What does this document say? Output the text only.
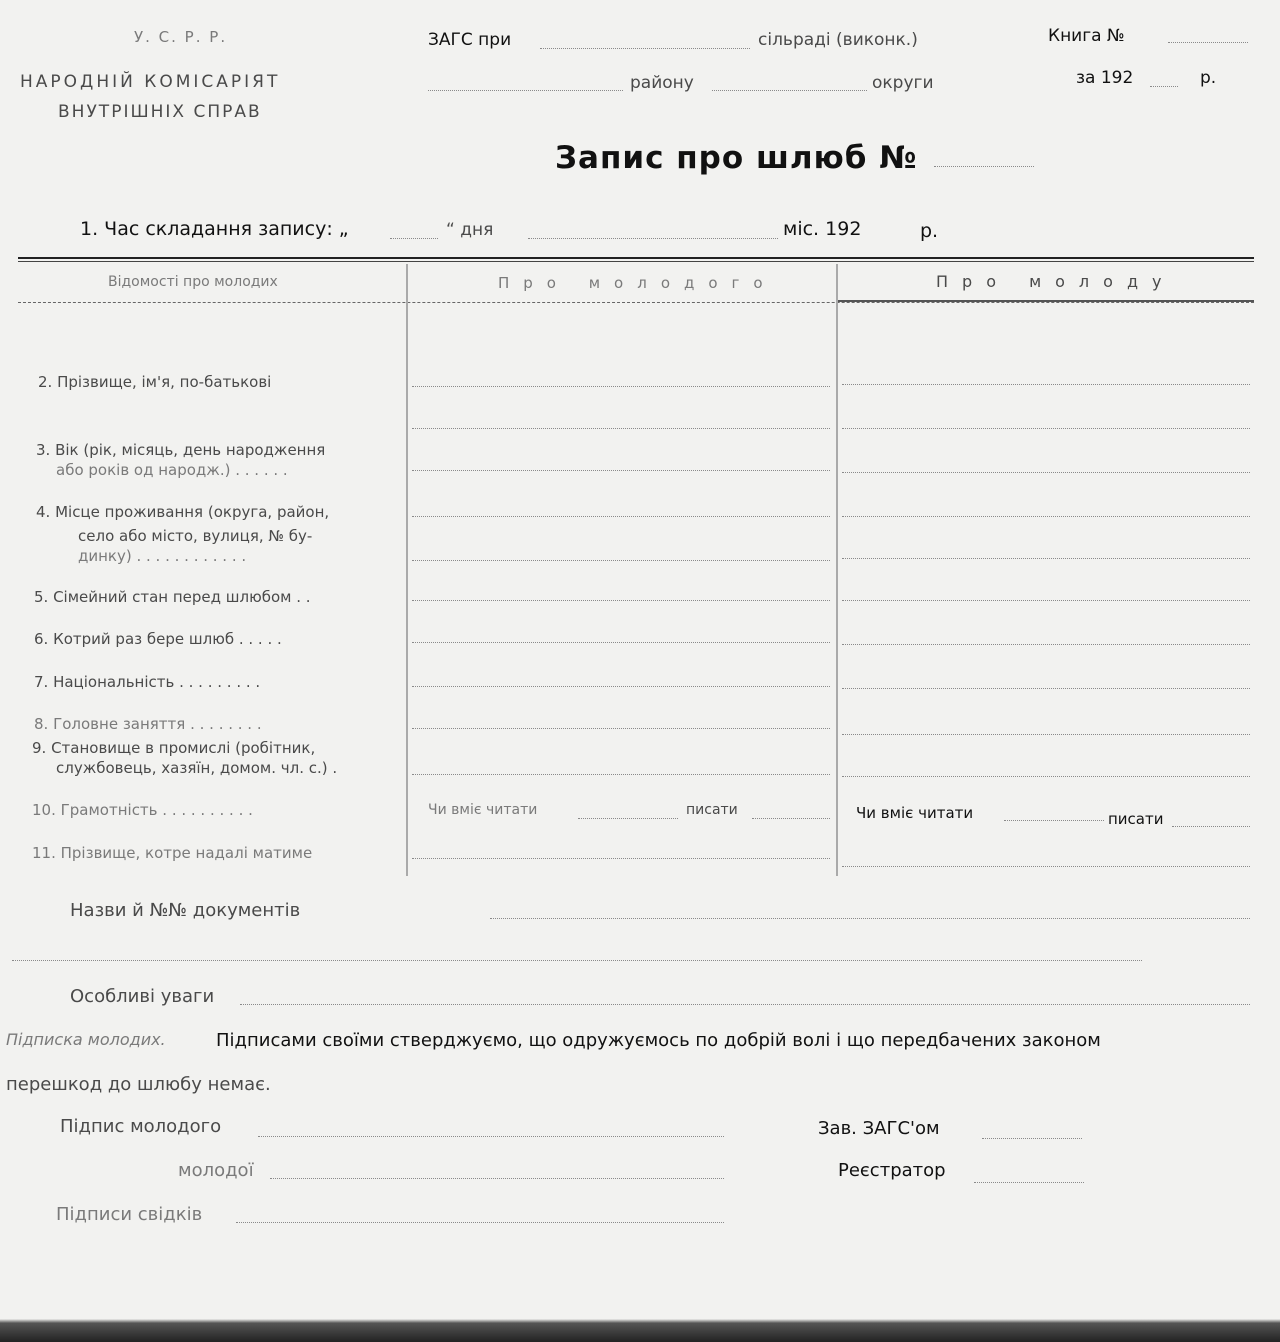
У. С. Р. Р.
НАРОДНІЙ КОМІСАРІЯТ
ВНУТРІШНІХ СПРАВ
ЗАГС при	сільраді (виконк.)
району	округи
Книга №
за 192	р.
Запис про шлюб №
1. Час складання запису: „	“ дня	міс. 192	р.
Відомості про молодих	Про молодого	Про молоду
2. Прізвище, ім'я, по-батькові
3. Вік (рік, місяць, день народження
або років од народж.) . . . . . .
4. Місце проживання (округа, район,
село або місто, вулиця, № бу-
динку) . . . . . . . . . . . .
5. Сімейний стан перед шлюбом . .
6. Котрий раз бере шлюб . . . . .
7. Національність . . . . . . . . .
8. Головне заняття . . . . . . . .
9. Становище в промислі (робітник,
службовець, хазяїн, домом. чл. с.) .
10. Грамотність . . . . . . . . . .	Чи вміє читати	писати	Чи вміє читати	писати
11. Прізвище, котре надалі матиме
Назви й №№ документів
Особливі уваги
Підписка молодих.	Підписами своїми стверджуємо, що одружуємось по добрій волі і що передбачених законом
перешкод до шлюбу немає.
Підпис молодого
молодої
Підписи свідків
Зав. ЗАГС'ом
Реєстратор
